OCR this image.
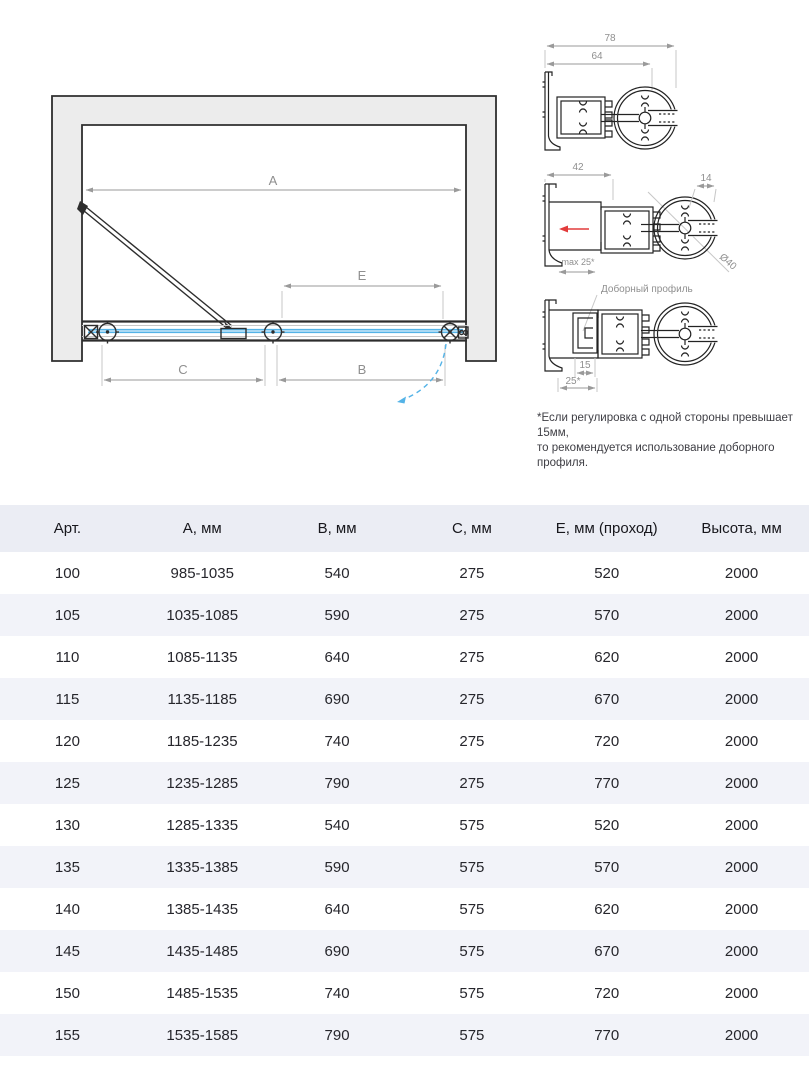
A
E
C	B
78
64
42
max 25*
14
Ø40
Доборный профиль
15
25*
*Если регулировка с одной стороны превышает 15мм,
то рекомендуется использование доборного профиля.
Арт.	А, мм	В, мм	С, мм	Е, мм (проход)	Высота, мм
100	985-1035	540	275	520	2000
105	1035-1085	590	275	570	2000
110	1085-1135	640	275	620	2000
115	1135-1185	690	275	670	2000
120	1185-1235	740	275	720	2000
125	1235-1285	790	275	770	2000
130	1285-1335	540	575	520	2000
135	1335-1385	590	575	570	2000
140	1385-1435	640	575	620	2000
145	1435-1485	690	575	670	2000
150	1485-1535	740	575	720	2000
155	1535-1585	790	575	770	2000
